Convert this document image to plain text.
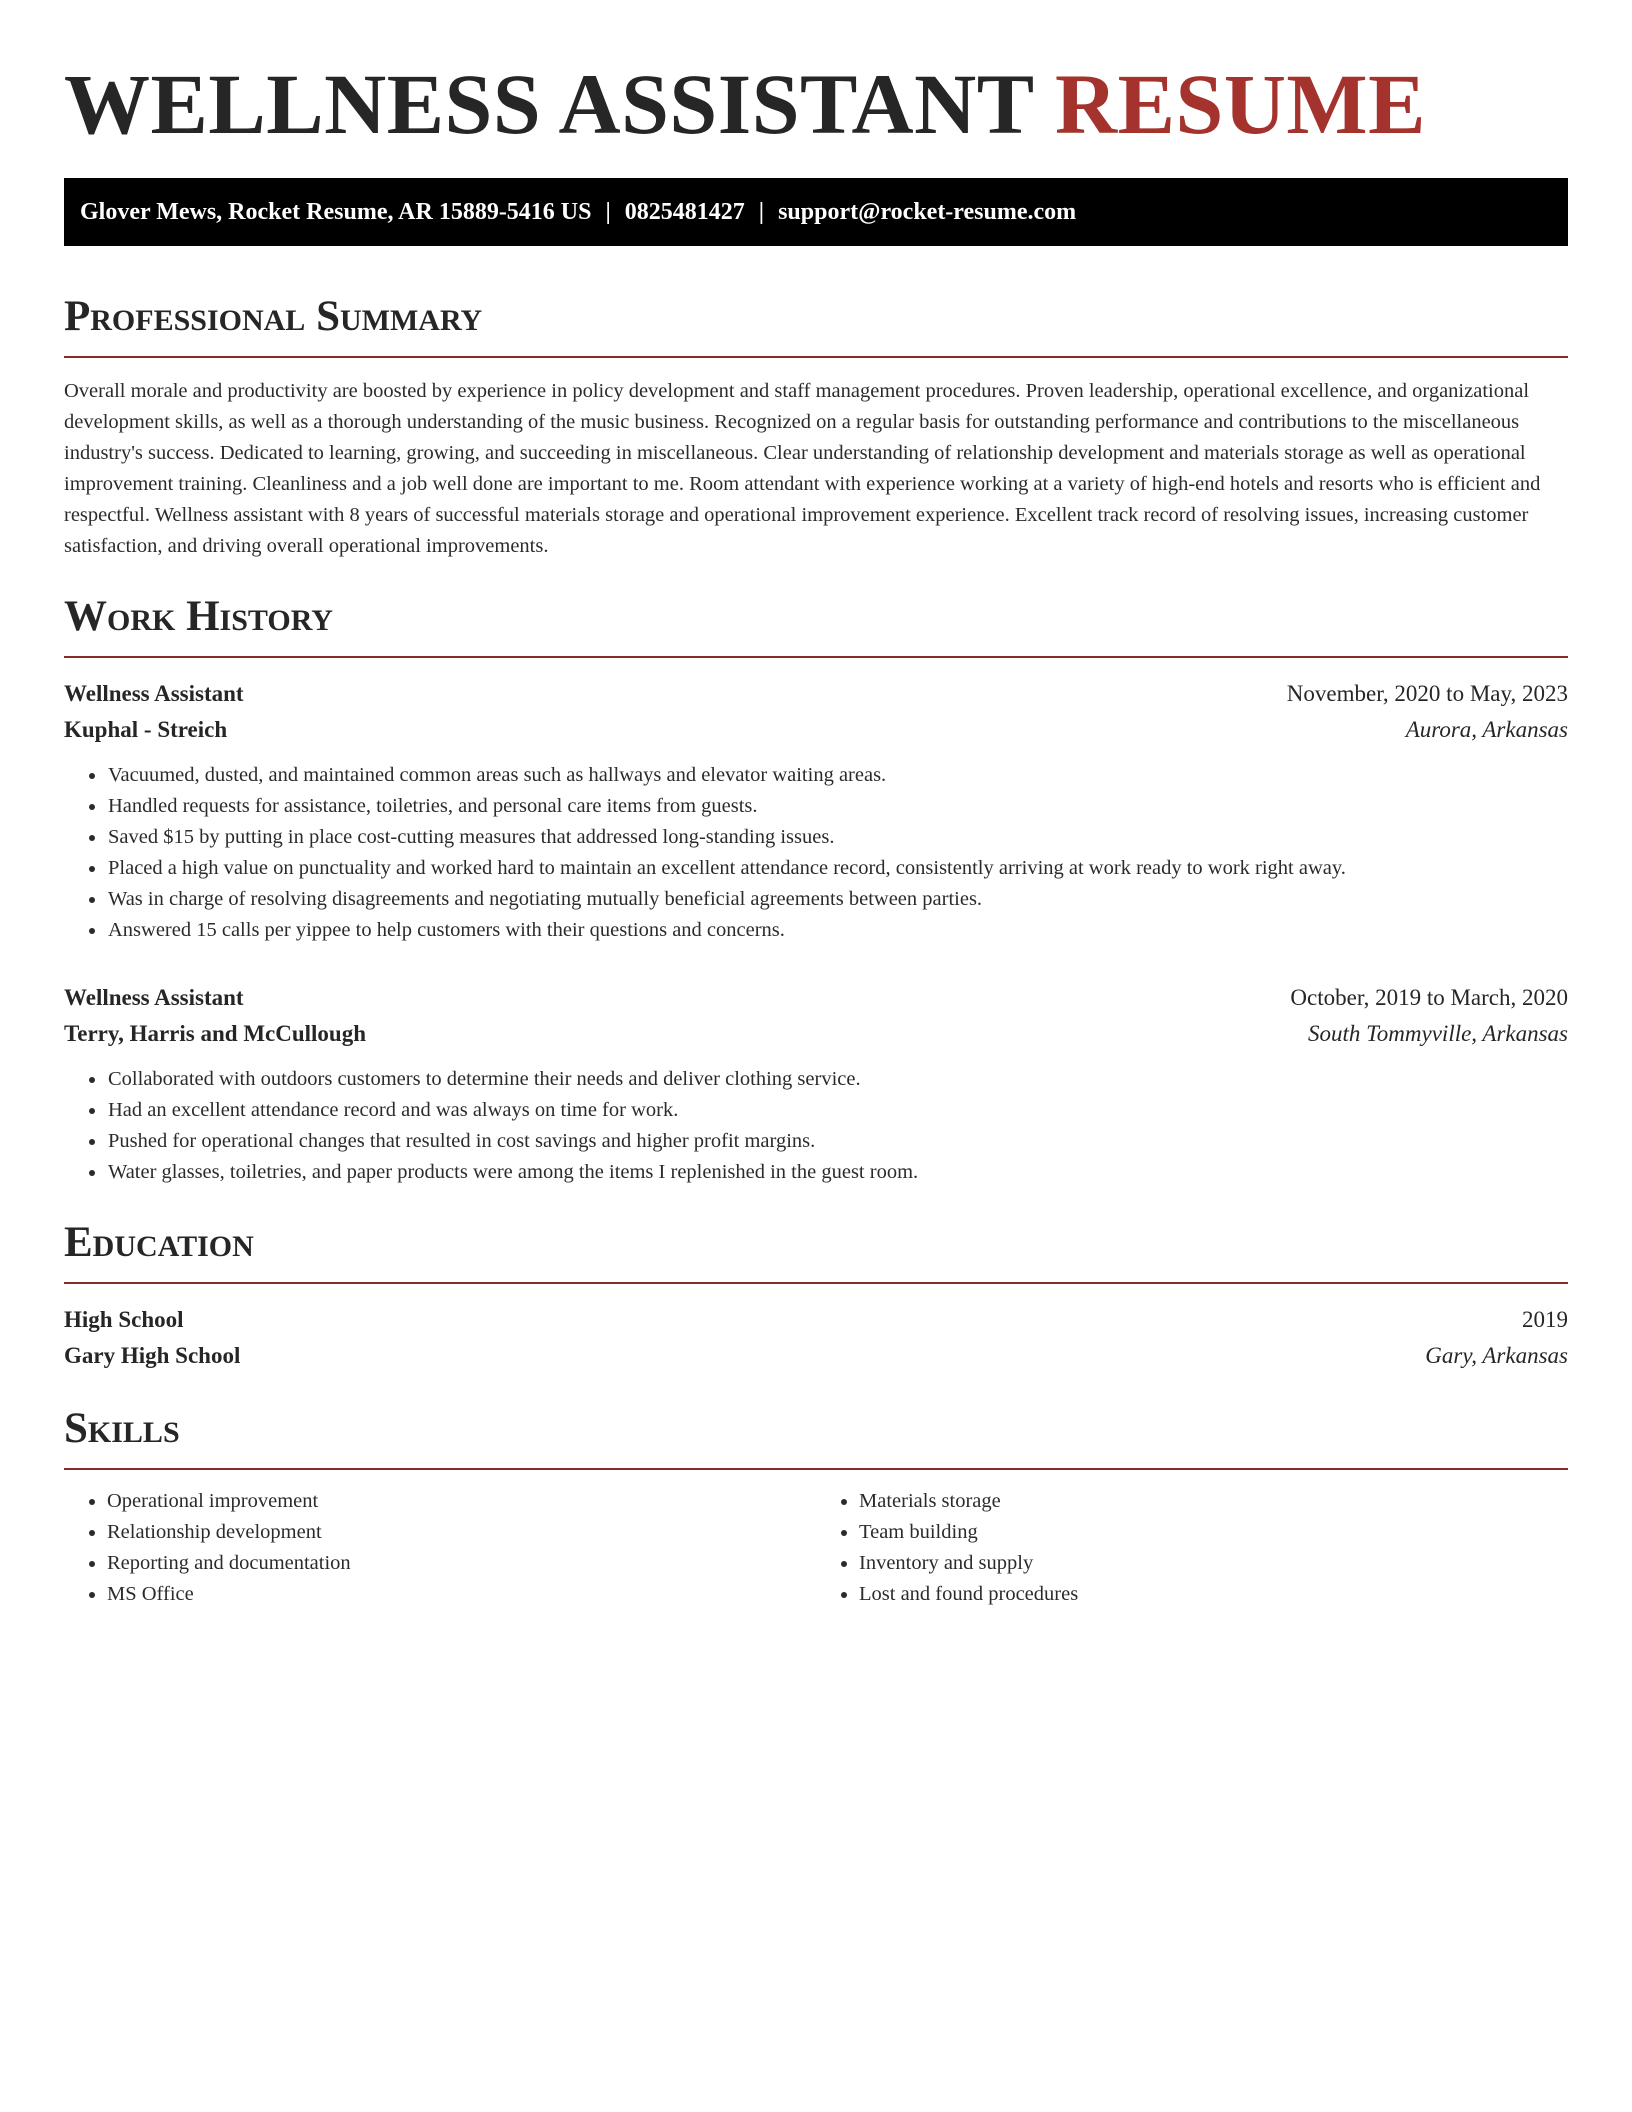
WELLNESS ASSISTANT RESUME
Glover Mews, Rocket Resume, AR 15889-5416 US | 0825481427 | support@rocket-resume.com
Professional Summary

Overall morale and productivity are boosted by experience in policy development and staff management procedures. Proven leadership, operational excellence, and organizational development skills, as well as a thorough understanding of the music business. Recognized on a regular basis for outstanding performance and contributions to the miscellaneous industry's success. Dedicated to learning, growing, and succeeding in miscellaneous. Clear understanding of relationship development and materials storage as well as operational improvement training. Cleanliness and a job well done are important to me. Room attendant with experience working at a variety of high-end hotels and resorts who is efficient and respectful. Wellness assistant with 8 years of successful materials storage and operational improvement experience. Excellent track record of resolving issues, increasing customer satisfaction, and driving overall operational improvements.

Work History
Wellness Assistant	November, 2020 to May, 2023
Kuphal - Streich	Aurora, Arkansas
• Vacuumed, dusted, and maintained common areas such as hallways and elevator waiting areas.
• Handled requests for assistance, toiletries, and personal care items from guests.
• Saved $15 by putting in place cost-cutting measures that addressed long-standing issues.
• Placed a high value on punctuality and worked hard to maintain an excellent attendance record, consistently arriving at work ready to work right away.
• Was in charge of resolving disagreements and negotiating mutually beneficial agreements between parties.
• Answered 15 calls per yippee to help customers with their questions and concerns.
Wellness Assistant	October, 2019 to March, 2020
Terry, Harris and McCullough	South Tommyville, Arkansas
• Collaborated with outdoors customers to determine their needs and deliver clothing service.
• Had an excellent attendance record and was always on time for work.
• Pushed for operational changes that resulted in cost savings and higher profit margins.
• Water glasses, toiletries, and paper products were among the items I replenished in the guest room.
Education
High School	2019
Gary High School	Gary, Arkansas
Skills
• Operational improvement
• Relationship development
• Reporting and documentation
• MS Office
• Materials storage
• Team building
• Inventory and supply
• Lost and found procedures
